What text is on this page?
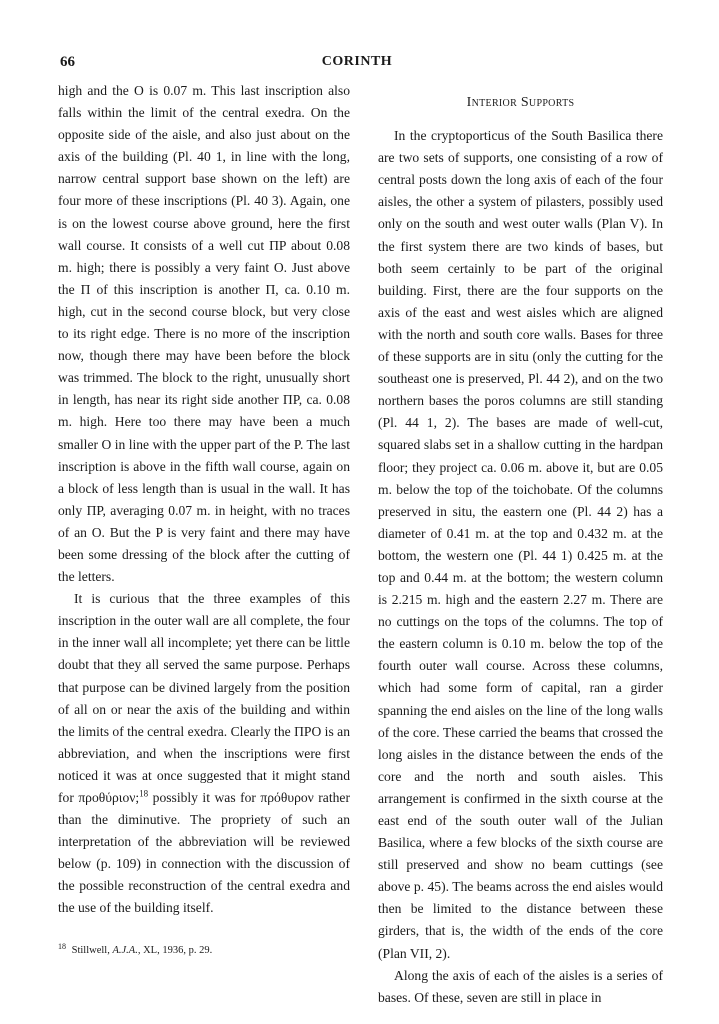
66	CORINTH

high and the O is 0.07 m. This last inscription also falls within the limit of the central exedra. On the opposite side of the aisle, and also just about on the axis of the building (Pl. 40 1, in line with the long, narrow central support base shown on the left) are four more of these inscriptions (Pl. 40 3). Again, one is on the lowest course above ground, here the first wall course. It consists of a well cut ΠP about 0.08 m. high; there is possibly a very faint O. Just above the Π of this inscription is another Π, ca. 0.10 m. high, cut in the second course block, but very close to its right edge. There is no more of the inscription now, though there may have been before the block was trimmed. The block to the right, unusually short in length, has near its right side another ΠP, ca. 0.08 m. high. Here too there may have been a much smaller O in line with the upper part of the P. The last inscription is above in the fifth wall course, again on a block of less length than is usual in the wall. It has only ΠP, averaging 0.07 m. in height, with no traces of an O. But the P is very faint and there may have been some dressing of the block after the cutting of the letters.

It is curious that the three examples of this inscription in the outer wall are all complete, the four in the inner wall all incomplete; yet there can be little doubt that they all served the same purpose. Perhaps that purpose can be divined largely from the position of all on or near the axis of the building and within the limits of the central exedra. Clearly the ΠPO is an abbreviation, and when the inscriptions were first noticed it was at once suggested that it might stand for προθύριον;$^{18}$ possibly it was for πρόθυρον rather than the diminutive. The propriety of such an interpretation of the abbreviation will be reviewed below (p. 109) in connection with the discussion of the possible reconstruction of the central exedra and the use of the building itself.

Interior Supports

In the cryptoporticus of the South Basilica there are two sets of supports, one consisting of a row of central posts down the long axis of each of the four aisles, the other a system of pilasters, possibly used only on the south and west outer walls (Plan V). In the first system there are two kinds of bases, but both seem certainly to be part of the original building. First, there are the four supports on the axis of the east and west aisles which are aligned with the north and south core walls. Bases for three of these supports are in situ (only the cutting for the southeast one is preserved, Pl. 44 2), and on the two northern bases the poros columns are still standing (Pl. 44 1, 2). The bases are made of well-cut, squared slabs set in a shallow cutting in the hardpan floor; they project ca. 0.06 m. above it, but are 0.05 m. below the top of the toichobate. Of the columns preserved in situ, the eastern one (Pl. 44 2) has a diameter of 0.41 m. at the top and 0.432 m. at the bottom, the western one (Pl. 44 1) 0.425 m. at the top and 0.44 m. at the bottom; the western column is 2.215 m. high and the eastern 2.27 m. There are no cuttings on the tops of the columns. The top of the eastern column is 0.10 m. below the top of the fourth outer wall course. Across these columns, which had some form of capital, ran a girder spanning the end aisles on the line of the long walls of the core. These carried the beams that crossed the long aisles in the distance between the ends of the core and the north and south aisles. This arrangement is confirmed in the sixth course at the east end of the south outer wall of the Julian Basilica, where a few blocks of the sixth course are still preserved and show no beam cuttings (see above p. 45). The beams across the end aisles would then be limited to the distance between these girders, that is, the width of the ends of the core (Plan VII, 2).

Along the axis of each of the aisles is a series of bases. Of these, seven are still in place in

$^{18}$ Stillwell, A.J.A., XL, 1936, p. 29.
